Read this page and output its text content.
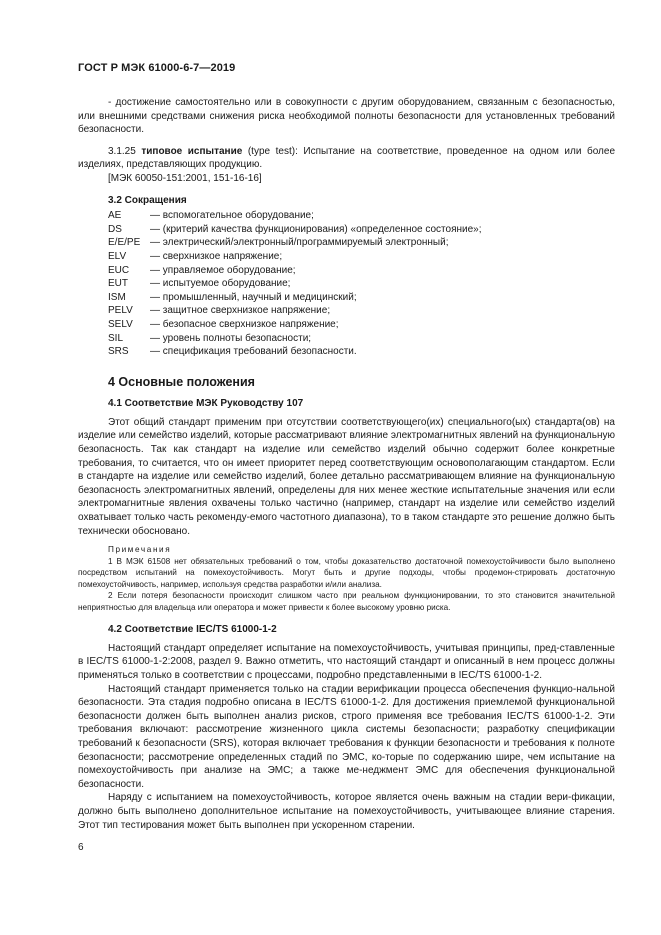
ГОСТ Р МЭК 61000-6-7—2019

- достижение самостоятельно или в совокупности с другим оборудованием, связанным с безопасностью, или внешними средствами снижения риска необходимой полноты безопасности для установленных требований безопасности.

3.1.25 типовое испытание (type test): Испытание на соответствие, проведенное на одном или более изделиях, представляющих продукцию.

[МЭК 60050-151:2001, 151-16-16]

3.2 Сокращения

AE	— вспомогательное оборудование;
DS	— (критерий качества функционирования) «определенное состояние»;
E/E/PE — электрический/электронный/программируемый электронный;
ELV	— сверхнизкое напряжение;
EUC	— управляемое оборудование;
EUT	— испытуемое оборудование;
ISM	— промышленный, научный и медицинский;
PELV	— защитное сверхнизкое напряжение;
SELV	— безопасное сверхнизкое напряжение;
SIL	— уровень полноты безопасности;
SRS	— спецификация требований безопасности.

4 Основные положения

4.1 Соответствие МЭК Руководству 107

Этот общий стандарт применим при отсутствии соответствующего(их) специального(ых) стандарта(ов) на изделие или семейство изделий, которые рассматривают влияние электромагнитных явлений на функциональную безопасность. Так как стандарт на изделие или семейство изделий обычно содержит более конкретные требования, то считается, что он имеет приоритет перед соответствующим основополагающим стандартом. Если в стандарте на изделие или семейство изделий, более детально рассматривающем влияние на функциональную безопасность электромагнитных явлений, определены для них менее жесткие испытательные значения или если электромагнитные явления охвачены только частично (например, стандарт на изделие или семейство изделий охватывает только часть рекоменду-емого частотного диапазона), то в таком стандарте это решение должно быть технически обосновано.

Примечания

1 В МЭК 61508 нет обязательных требований о том, чтобы доказательство достаточной помехоустойчивости было выполнено посредством испытаний на помехоустойчивость. Могут быть и другие подходы, чтобы продемон-стрировать достаточную помехоустойчивость, например, используя средства разработки и/или анализа.

2 Если потеря безопасности происходит слишком часто при реальном функционировании, то это становится значительной неприятностью для владельца или оператора и может привести к более высокому уровню риска.

4.2 Соответствие IEC/TS 61000-1-2

Настоящий стандарт определяет испытание на помехоустойчивость, учитывая принципы, пред-ставленные в IEC/TS 61000-1-2:2008, раздел 9. Важно отметить, что настоящий стандарт и описанный в нем процесс должны применяться только в соответствии с процессами, подробно представленными в IEC/TS 61000-1-2.

Настоящий стандарт применяется только на стадии верификации процесса обеспечения функцио-нальной безопасности. Эта стадия подробно описана в IEC/TS 61000-1-2. Для достижения приемлемой функциональной безопасности должен быть выполнен анализ рисков, строго применяя все требования IEC/TS 61000-1-2. Эти требования включают: рассмотрение жизненного цикла системы безопасности; разработку спецификации требований к безопасности (SRS), которая включает требования к функции безопасности и требования к полноте безопасности; рассмотрение определенных стадий по ЭМС, ко-торые по содержанию шире, чем испытание на помехоустойчивость при анализе на ЭМС; а также ме-неджмент ЭМС для обеспечения функциональной безопасности.

Наряду с испытанием на помехоустойчивость, которое является очень важным на стадии вери-фикации, должно быть выполнено дополнительное испытание на помехоустойчивость, учитывающее влияние старения. Этот тип тестирования может быть выполнен при ускоренном старении.

6
